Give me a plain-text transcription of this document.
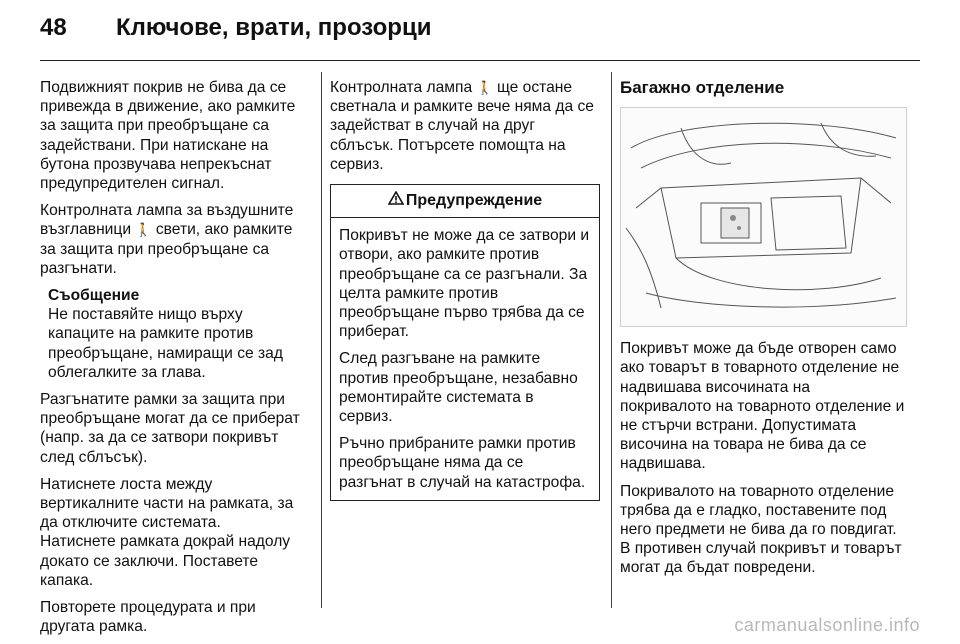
48 Ключове, врати, прозорци

Подвижният покрив не бива да се привежда в движение, ако рамките за защита при преобръщане са задействани. При натискане на бутона прозвучава непрекъснат предупредителен сигнал.

Контролната лампа за въздушните възглавници 🚶 свети, ако рамките за защита при преобръщане са разгънати.

Съобщение
Не поставяйте нищо върху капаците на рамките против преобръщане, намиращи се зад облегалките за глава.

Разгънатите рамки за защита при преобръщане могат да се приберат (напр. за да се затвори покривът след сблъсък).

Натиснете лоста между вертикалните части на рамката, за да отключите системата.

Натиснете рамката докрай надолу докато се заключи. Поставете капака.

Повторете процедурата и при другата рамка.

Контролната лампа 🚶 ще остане светнала и рамките вече няма да се задействат в случай на друг сблъсък. Потърсете помощта на сервиз.

Предупреждение

Покривът не може да се затвори и отвори, ако рамките против преобръщане са се разгънали. За целта рамките против преобръщане първо трябва да се приберат.

След разгъване на рамките против преобръщане, незабавно ремонтирайте системата в сервиз.

Ръчно прибраните рамки против преобръщане няма да се разгънат в случай на катастрофа.

Багажно отделение

Покривът може да бъде отворен само ако товарът в товарното отделение не надвишава височината на покривалото на товарното отделение и не стърчи встрани. Допустимата височина на товара не бива да се надвишава.

Покривалото на товарното отделение трябва да е гладко, поставените под него предмети не бива да го повдигат. В противен случай покривът и товарът могат да бъдат повредени.

carmanualsonline.info
